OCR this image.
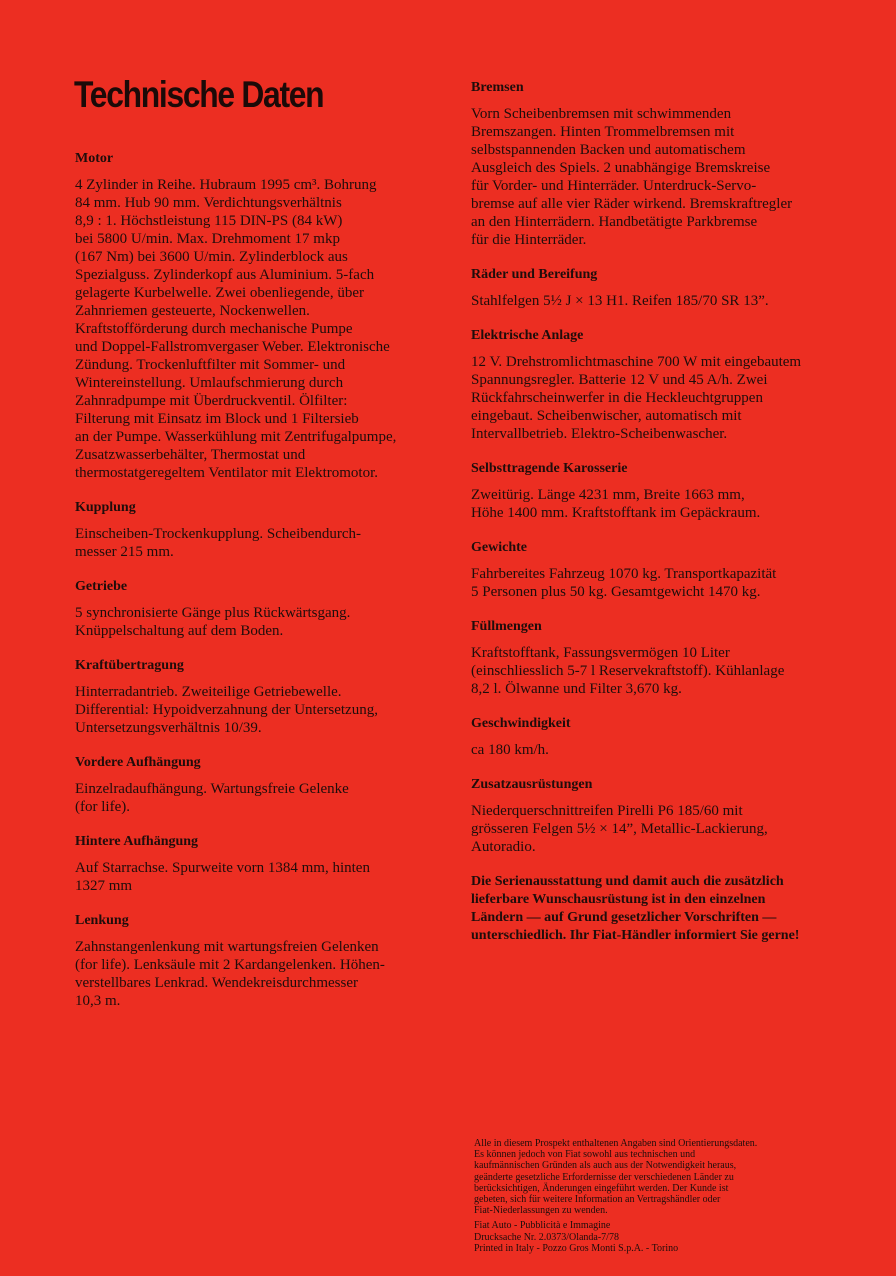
Technische Daten
Motor

4 Zylinder in Reihe. Hubraum 1995 cm³. Bohrung
84 mm. Hub 90 mm. Verdichtungsverhältnis
8,9 : 1. Höchstleistung 115 DIN-PS (84 kW)
bei 5800 U/min. Max. Drehmoment 17 mkp
(167 Nm) bei 3600 U/min. Zylinderblock aus
Spezialguss. Zylinderkopf aus Aluminium. 5-fach
gelagerte Kurbelwelle. Zwei obenliegende, über
Zahnriemen gesteuerte, Nockenwellen.
Kraftstofförderung durch mechanische Pumpe
und Doppel-Fallstromvergaser Weber. Elektronische
Zündung. Trockenluftfilter mit Sommer- und
Wintereinstellung. Umlaufschmierung durch
Zahnradpumpe mit Überdruckventil. Ölfilter:
Filterung mit Einsatz im Block und 1 Filtersieb
an der Pumpe. Wasserkühlung mit Zentrifugalpumpe,
Zusatzwasserbehälter, Thermostat und
thermostatgeregeltem Ventilator mit Elektromotor.

Kupplung

Einscheiben-Trockenkupplung. Scheibendurch-
messer 215 mm.

Getriebe

5 synchronisierte Gänge plus Rückwärtsgang.
Knüppelschaltung auf dem Boden.

Kraftübertragung

Hinterradantrieb. Zweiteilige Getriebewelle.
Differential: Hypoidverzahnung der Untersetzung,
Untersetzungsverhältnis 10/39.

Vordere Aufhängung

Einzelradaufhängung. Wartungsfreie Gelenke
(for life).

Hintere Aufhängung

Auf Starrachse. Spurweite vorn 1384 mm, hinten
1327 mm

Lenkung

Zahnstangenlenkung mit wartungsfreien Gelenken
(for life). Lenksäule mit 2 Kardangelenken. Höhen-
verstellbares Lenkrad. Wendekreisdurchmesser
10,3 m.

Bremsen

Vorn Scheibenbremsen mit schwimmenden
Bremszangen. Hinten Trommelbremsen mit
selbstspannenden Backen und automatischem
Ausgleich des Spiels. 2 unabhängige Bremskreise
für Vorder- und Hinterräder. Unterdruck-Servo-
bremse auf alle vier Räder wirkend. Bremskraftregler
an den Hinterrädern. Handbetätigte Parkbremse
für die Hinterräder.

Räder und Bereifung

Stahlfelgen 5½ J × 13 H1. Reifen 185/70 SR 13”.

Elektrische Anlage

12 V. Drehstromlichtmaschine 700 W mit eingebautem
Spannungsregler. Batterie 12 V und 45 A/h. Zwei
Rückfahrscheinwerfer in die Heckleuchtgruppen
eingebaut. Scheibenwischer, automatisch mit
Intervallbetrieb. Elektro-Scheibenwascher.

Selbsttragende Karosserie

Zweitürig. Länge 4231 mm, Breite 1663 mm,
Höhe 1400 mm. Kraftstofftank im Gepäckraum.

Gewichte

Fahrbereites Fahrzeug 1070 kg. Transportkapazität
5 Personen plus 50 kg. Gesamtgewicht 1470 kg.

Füllmengen

Kraftstofftank, Fassungsvermögen 10 Liter
(einschliesslich 5-7 l Reservekraftstoff). Kühlanlage
8,2 l. Ölwanne und Filter 3,670 kg.

Geschwindigkeit

ca 180 km/h.

Zusatzausrüstungen

Niederquerschnittreifen Pirelli P6 185/60 mit
grösseren Felgen 5½ × 14”, Metallic-Lackierung,
Autoradio.

Die Serienausstattung und damit auch die zusätzlich
lieferbare Wunschausrüstung ist in den einzelnen
Ländern — auf Grund gesetzlicher Vorschriften —
unterschiedlich. Ihr Fiat-Händler informiert Sie gerne!

Alle in diesem Prospekt enthaltenen Angaben sind Orientierungsdaten.
Es können jedoch von Fiat sowohl aus technischen und
kaufmännischen Gründen als auch aus der Notwendigkeit heraus,
geänderte gesetzliche Erfordernisse der verschiedenen Länder zu
berücksichtigen, Änderungen eingeführt werden. Der Kunde ist
gebeten, sich für weitere Information an Vertragshändler oder
Fiat-Niederlassungen zu wenden.

Fiat Auto - Pubblicità e Immagine

Drucksache Nr. 2.0373/Olanda-7/78

Printed in Italy - Pozzo Gros Monti S.p.A. - Torino
